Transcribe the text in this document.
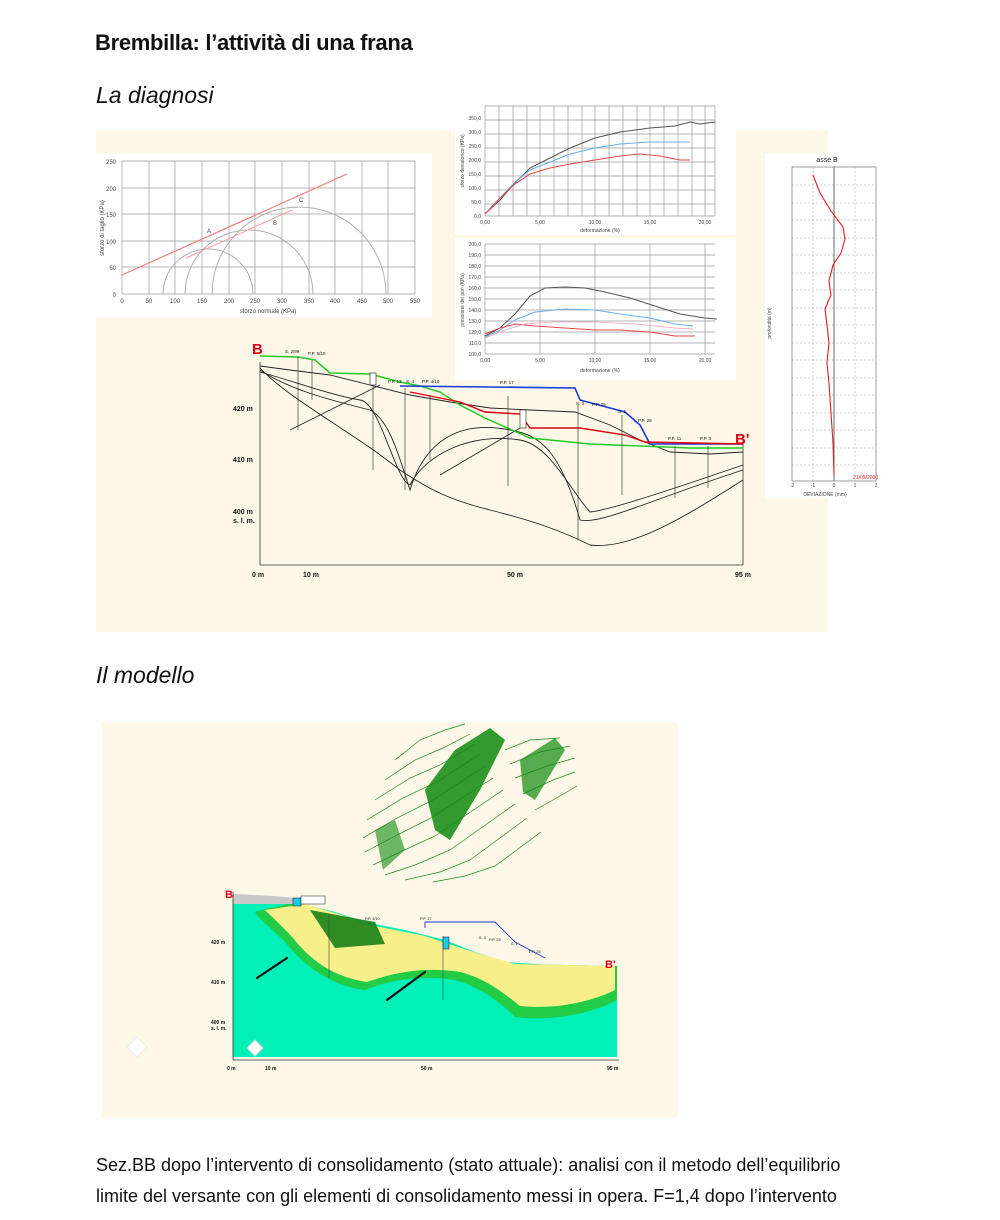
Brembilla: l’attività di una frana
La diagnosi
0
50
100
150
200
250
0	50	100	150	200	250	300	350	400	450	500	550
sforzo normale (KPa)
sforzo di taglio (KPa)	A
B
C
0,0
50,0
100,0
150,0
200,0
250,0
300,0
350,0
0,00	5,00	10,00	15,00	20,00
deformazione (%)
sforzo deviatorico (KPa)
100,0
110,0
120,0
130,0
140,0
150,0
160,0
170,0
180,0
190,0
200,0
0,00	5,00	10,00	15,00	20,00
deformazione (%)
pressione dei pori (KPa)
asse B
-2	-1	0	1	2
DEVIAZIONE (mm)
profondità (m)
21/09/2000
B
B'
420 m
410 m
400 m
s. l. m.
0 m	10 m	50 m	95 m
S. 2/99 P.P. 5/10
P.P. 13 S. 4 P.P. 4/10	P.P. 17
S. 3 P.P. 25
S. 1
P.P. 29
P.P. 11	P.P. 3
Il modello
B
B'
420 m
410 m
400 m
s. l. m.
0 m	10 m	50 m	95 m
P.P. 4/10	P.P. 17
S. 3 P.P. 25
S. 1
P.P. 29
Sez.BB dopo l’intervento di consolidamento (stato attuale): analisi con il metodo dell’equilibrio
limite del versante con gli elementi di consolidamento messi in opera. F=1,4 dopo l’intervento
